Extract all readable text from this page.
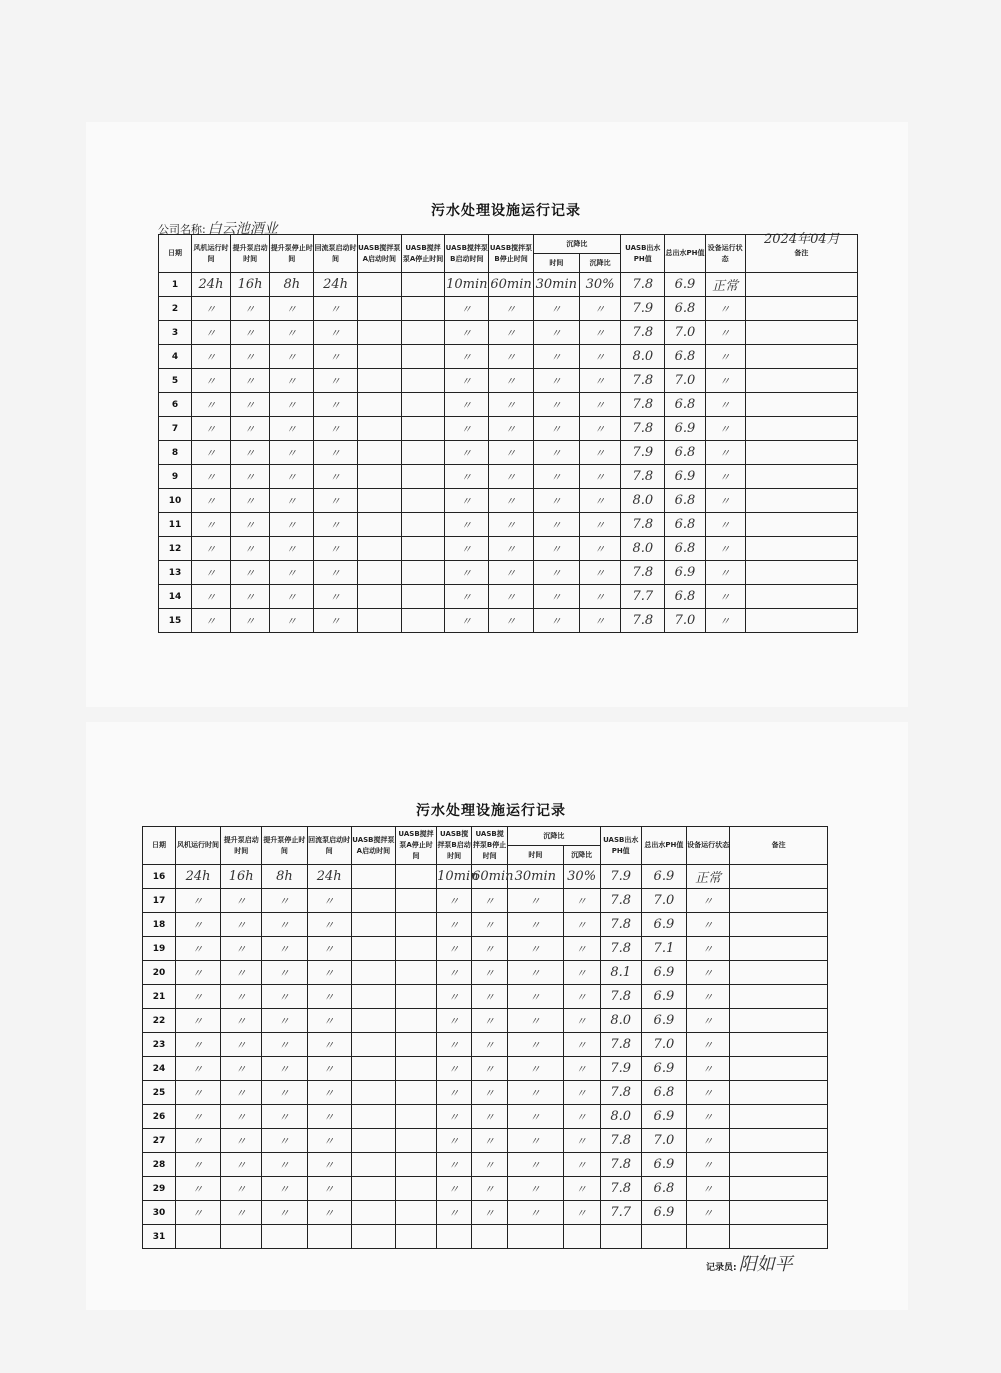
污水处理设施运行记录
公司名称: 白云池酒业
2024年04月
日期	风机运行时间	提升泵启动时间	提升泵停止时间	回流泵启动时间	UASB搅拌泵A启动时间	UASB搅拌泵A停止时间	UASB搅拌泵B启动时间	UASB搅拌泵B停止时间	沉降比		UASB出水PH值	总出水PH值	设备运行状态	备注
									时间	沉降比				
1	24h	16h	8h	24h			10min	60min	30min	30%	7.8	6.9	正常	
2	〃	〃	〃	〃			〃	〃	〃	〃	7.9	6.8	〃	
3	〃	〃	〃	〃			〃	〃	〃	〃	7.8	7.0	〃	
4	〃	〃	〃	〃			〃	〃	〃	〃	8.0	6.8	〃	
5	〃	〃	〃	〃			〃	〃	〃	〃	7.8	7.0	〃	
6	〃	〃	〃	〃			〃	〃	〃	〃	7.8	6.8	〃	
7	〃	〃	〃	〃			〃	〃	〃	〃	7.8	6.9	〃	
8	〃	〃	〃	〃			〃	〃	〃	〃	7.9	6.8	〃	
9	〃	〃	〃	〃			〃	〃	〃	〃	7.8	6.9	〃	
10	〃	〃	〃	〃			〃	〃	〃	〃	8.0	6.8	〃	
11	〃	〃	〃	〃			〃	〃	〃	〃	7.8	6.8	〃	
12	〃	〃	〃	〃			〃	〃	〃	〃	8.0	6.8	〃	
13	〃	〃	〃	〃			〃	〃	〃	〃	7.8	6.9	〃	
14	〃	〃	〃	〃			〃	〃	〃	〃	7.7	6.8	〃	
15	〃	〃	〃	〃			〃	〃	〃	〃	7.8	7.0	〃	
污水处理设施运行记录
日期	风机运行时间	提升泵启动时间	提升泵停止时间	回流泵启动时间	UASB搅拌泵A启动时间	UASB搅拌泵A停止时间	UASB搅拌泵B启动时间	UASB搅拌泵B停止时间	沉降比		UASB出水PH值	总出水PH值	设备运行状态	备注
									时间	沉降比				
16	24h	16h	8h	24h			10min	60min	30min	30%	7.9	6.9	正常	
17	〃	〃	〃	〃			〃	〃	〃	〃	7.8	7.0	〃	
18	〃	〃	〃	〃			〃	〃	〃	〃	7.8	6.9	〃	
19	〃	〃	〃	〃			〃	〃	〃	〃	7.8	7.1	〃	
20	〃	〃	〃	〃			〃	〃	〃	〃	8.1	6.9	〃	
21	〃	〃	〃	〃			〃	〃	〃	〃	7.8	6.9	〃	
22	〃	〃	〃	〃			〃	〃	〃	〃	8.0	6.9	〃	
23	〃	〃	〃	〃			〃	〃	〃	〃	7.8	7.0	〃	
24	〃	〃	〃	〃			〃	〃	〃	〃	7.9	6.9	〃	
25	〃	〃	〃	〃			〃	〃	〃	〃	7.8	6.8	〃	
26	〃	〃	〃	〃			〃	〃	〃	〃	8.0	6.9	〃	
27	〃	〃	〃	〃			〃	〃	〃	〃	7.8	7.0	〃	
28	〃	〃	〃	〃			〃	〃	〃	〃	7.8	6.9	〃	
29	〃	〃	〃	〃			〃	〃	〃	〃	7.8	6.8	〃	
30	〃	〃	〃	〃			〃	〃	〃	〃	7.7	6.9	〃	
31														
记录员: 阳如平
